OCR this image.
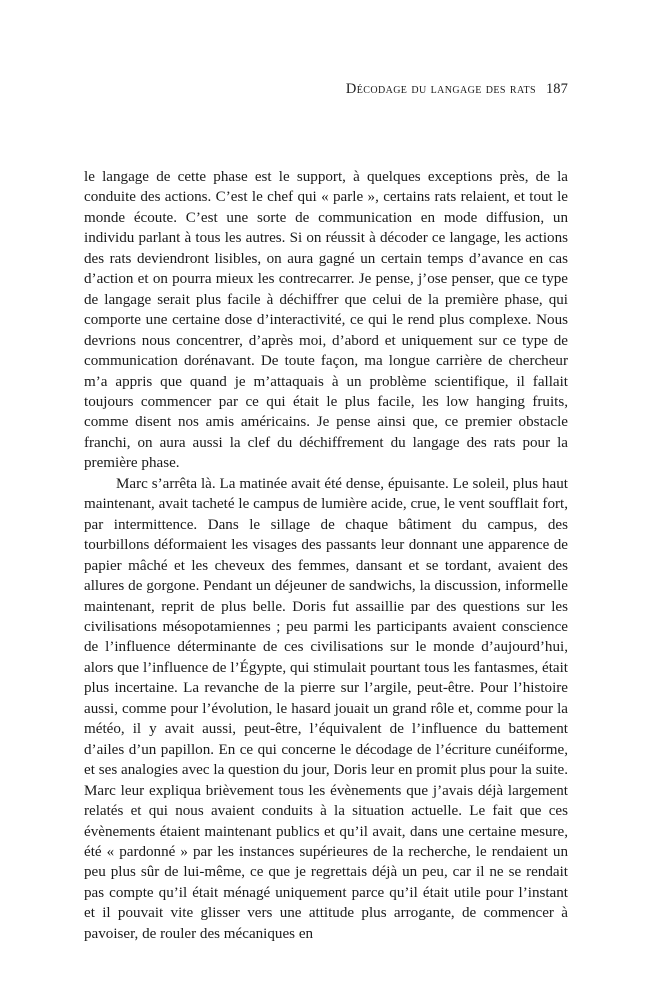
Décodage du langage des rats 187

le langage de cette phase est le support, à quelques exceptions près, de la conduite des actions. C’est le chef qui « parle », certains rats relaient, et tout le monde écoute. C’est une sorte de communication en mode diffusion, un individu parlant à tous les autres. Si on réussit à décoder ce langage, les actions des rats deviendront lisibles, on aura gagné un certain temps d’avance en cas d’action et on pourra mieux les contrecarrer. Je pense, j’ose penser, que ce type de langage serait plus facile à déchiffrer que celui de la première phase, qui comporte une certaine dose d’interactivité, ce qui le rend plus complexe. Nous devrions nous concentrer, d’après moi, d’abord et uniquement sur ce type de communication dorénavant. De toute façon, ma longue carrière de chercheur m’a appris que quand je m’attaquais à un problème scientifique, il fallait toujours commencer par ce qui était le plus facile, les low hanging fruits, comme disent nos amis américains. Je pense ainsi que, ce premier obstacle franchi, on aura aussi la clef du déchiffrement du langage des rats pour la première phase.

Marc s’arrêta là. La matinée avait été dense, épuisante. Le soleil, plus haut maintenant, avait tacheté le campus de lumière acide, crue, le vent soufflait fort, par intermittence. Dans le sillage de chaque bâtiment du campus, des tourbillons déformaient les visages des passants leur donnant une apparence de papier mâché et les cheveux des femmes, dansant et se tordant, avaient des allures de gorgone. Pendant un déjeuner de sandwichs, la discussion, informelle maintenant, reprit de plus belle. Doris fut assaillie par des questions sur les civilisations mésopotamiennes ; peu parmi les participants avaient conscience de l’influence déterminante de ces civilisations sur le monde d’aujourd’hui, alors que l’influence de l’Égypte, qui stimulait pourtant tous les fantasmes, était plus incertaine. La revanche de la pierre sur l’argile, peut-être. Pour l’histoire aussi, comme pour l’évolution, le hasard jouait un grand rôle et, comme pour la météo, il y avait aussi, peut-être, l’équivalent de l’influence du battement d’ailes d’un papillon. En ce qui concerne le décodage de l’écriture cunéiforme, et ses analogies avec la question du jour, Doris leur en promit plus pour la suite. Marc leur expliqua brièvement tous les évènements que j’avais déjà largement relatés et qui nous avaient conduits à la situation actuelle. Le fait que ces évènements étaient maintenant publics et qu’il avait, dans une certaine mesure, été « pardonné » par les instances supérieures de la recherche, le rendaient un peu plus sûr de lui-même, ce que je regrettais déjà un peu, car il ne se rendait pas compte qu’il était ménagé uniquement parce qu’il était utile pour l’instant et il pouvait vite glisser vers une attitude plus arrogante, de commencer à pavoiser, de rouler des mécaniques en
